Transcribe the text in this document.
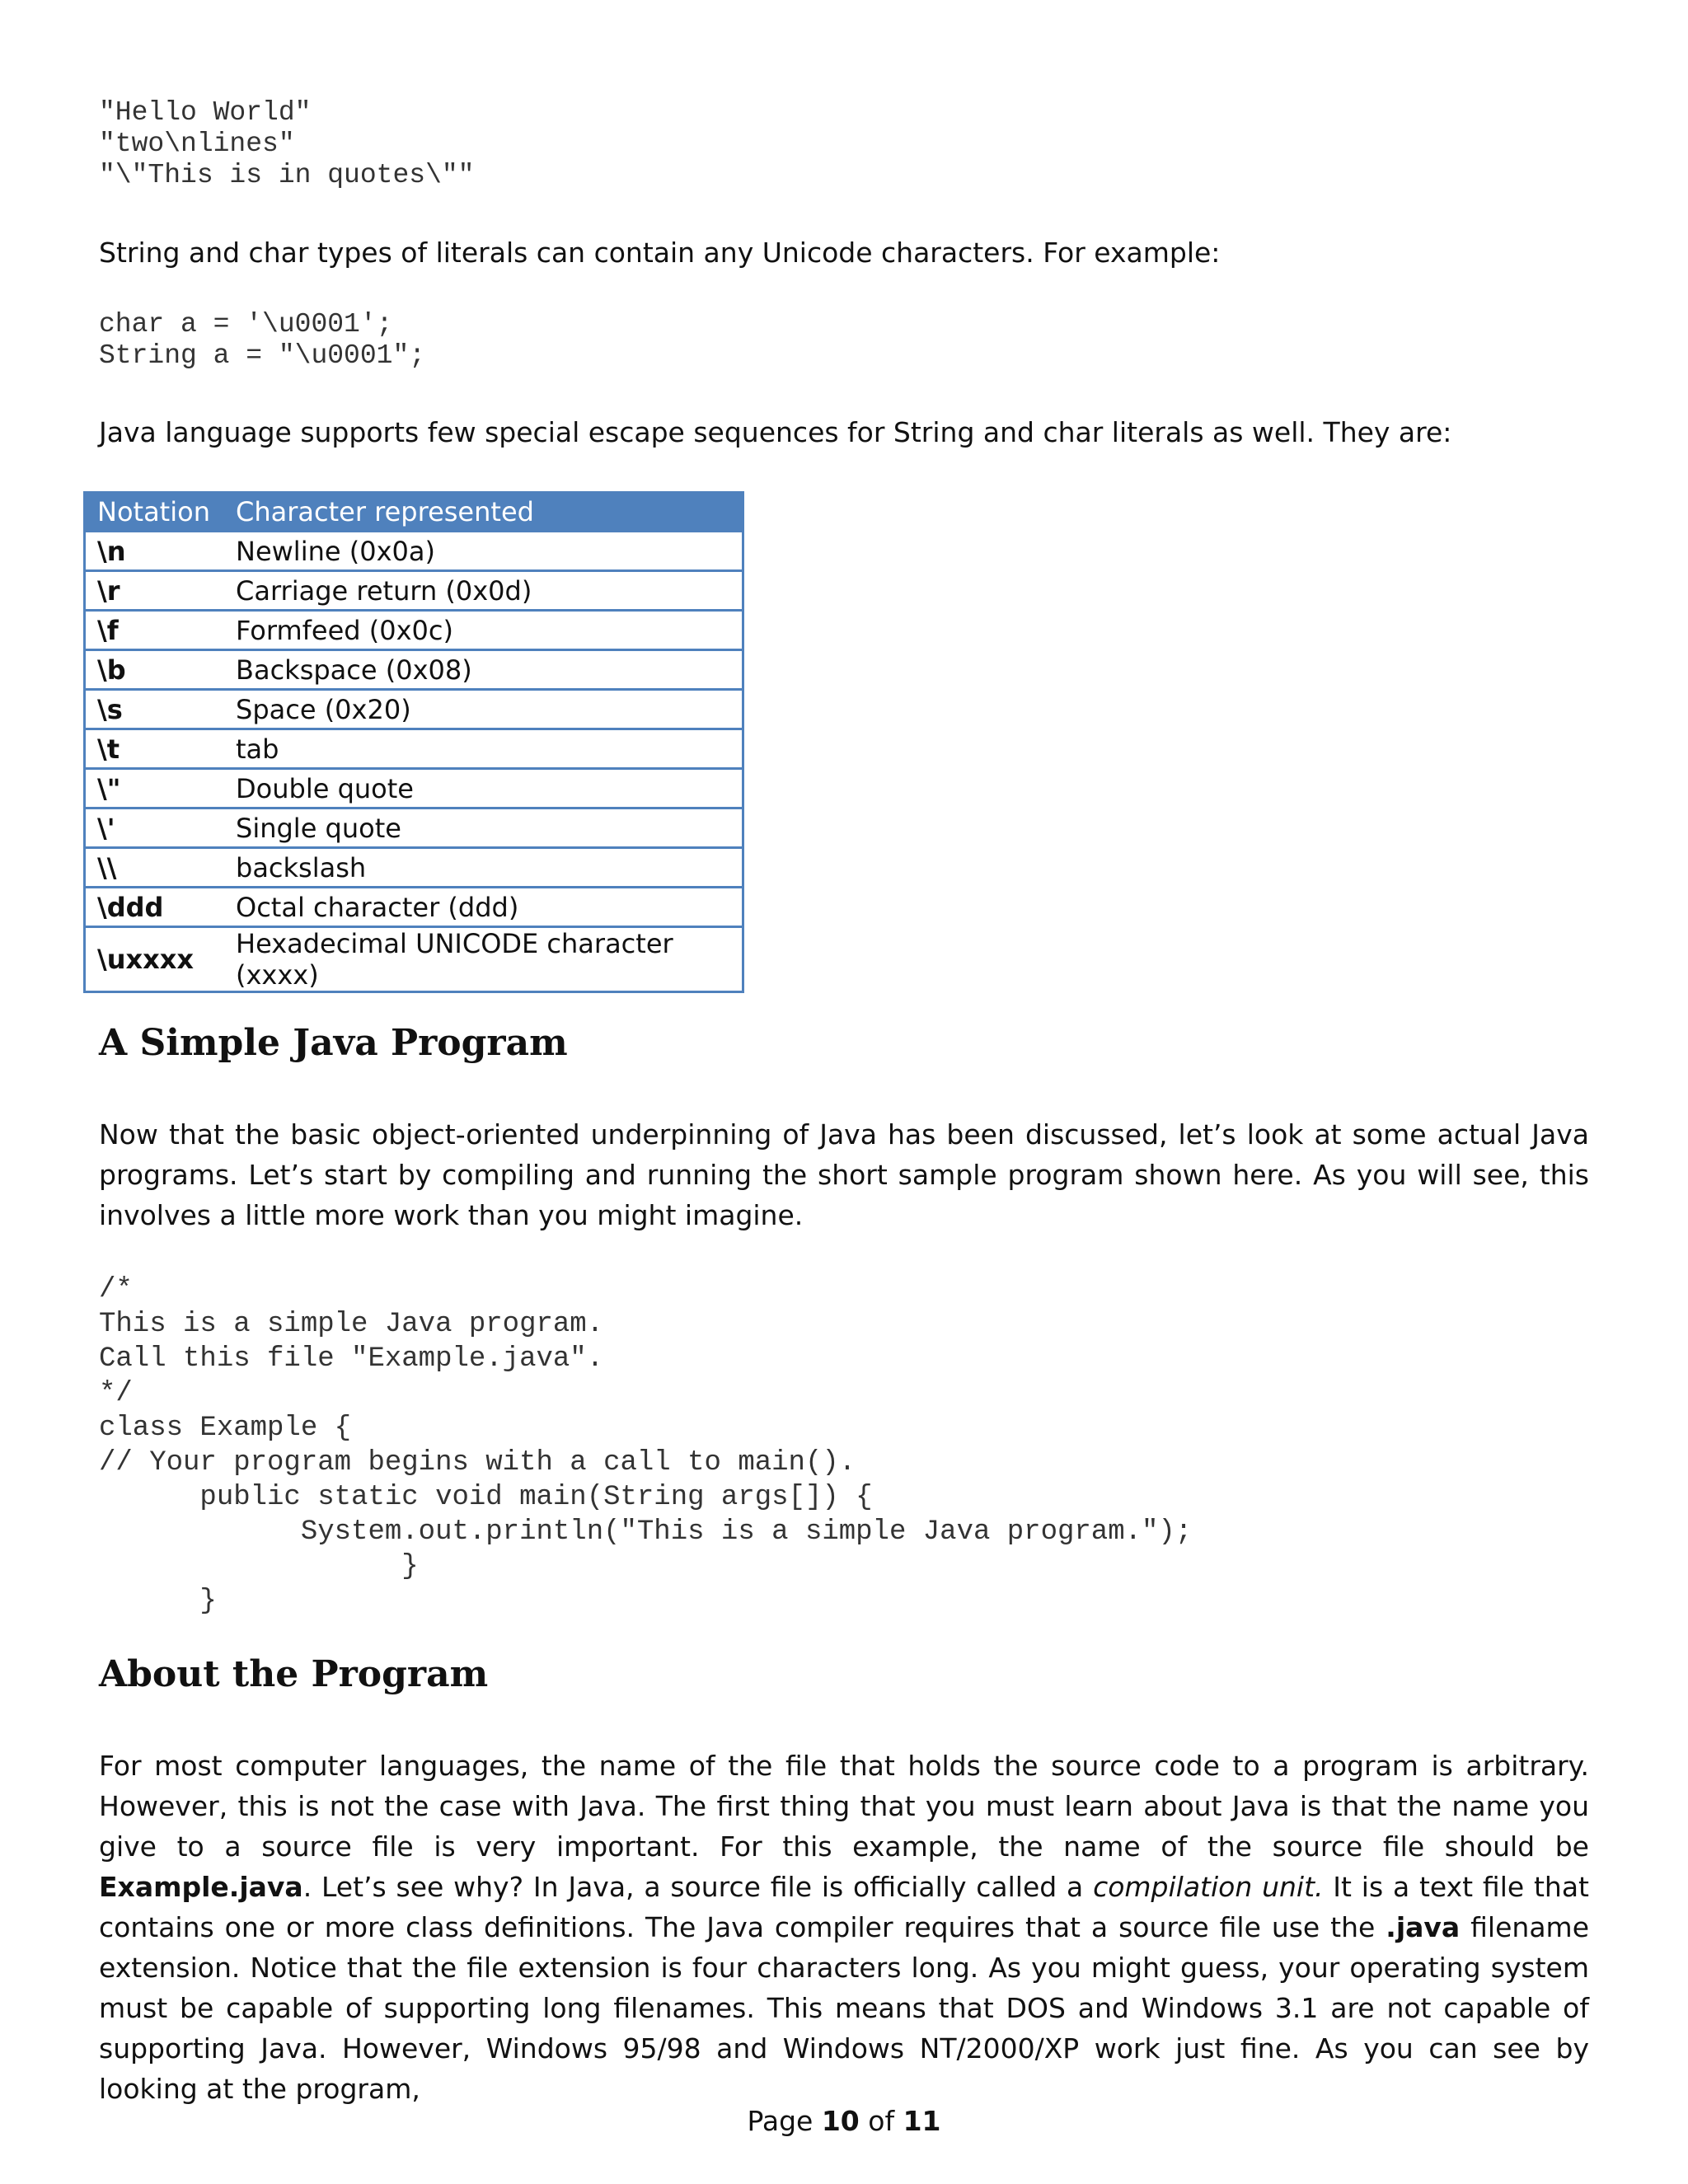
"Hello World"
"two\nlines"
"\"This is in quotes\""

String and char types of literals can contain any Unicode characters. For example:

char a = '\u0001';
String a = "\u0001";

Java language supports few special escape sequences for String and char literals as well. They are:

Notation	Character represented
\n	Newline (0x0a)
\r	Carriage return (0x0d)
\f	Formfeed (0x0c)
\b	Backspace (0x08)
\s	Space (0x20)
\t	tab
\"	Double quote
\'	Single quote
\\	backslash
\ddd	Octal character (ddd)
\uxxxx	Hexadecimal UNICODE character (xxxx)
A Simple Java Program

Now that the basic object-oriented underpinning of Java has been discussed, let’s look at some actual Java programs. Let’s start by compiling and running the short sample program shown here. As you will see, this involves a little more work than you might imagine.

/*
This is a simple Java program.
Call this file "Example.java".
*/
class Example {
// Your program begins with a call to main().
public static void main(String args[]) {
System.out.println("This is a simple Java program.");
}
}
About the Program

For most computer languages, the name of the file that holds the source code to a program is arbitrary. However, this is not the case with Java. The first thing that you must learn about Java is that the name you give to a source file is very important. For this example, the name of the source file should be Example.java. Let’s see why? In Java, a source file is officially called a compilation unit. It is a text file that contains one or more class definitions. The Java compiler requires that a source file use the .java filename extension. Notice that the file extension is four characters long. As you might guess, your operating system must be capable of supporting long filenames. This means that DOS and Windows 3.1 are not capable of supporting Java. However, Windows 95/98 and Windows NT/2000/XP work just fine. As you can see by looking at the program,

Page 10 of 11
